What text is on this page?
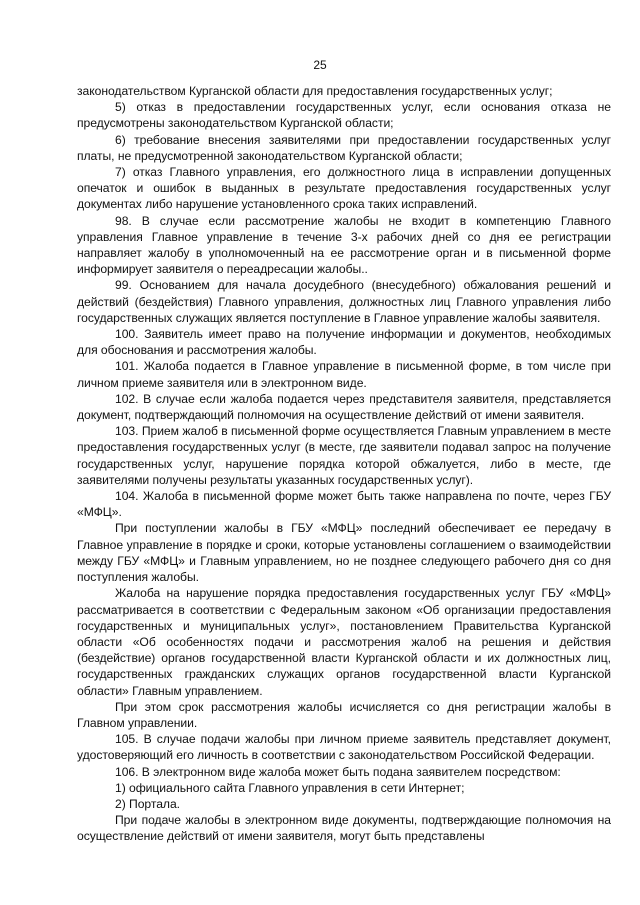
25

законодательством Курганской области для предоставления государственных услуг;

5) отказ в предоставлении государственных услуг, если основания отказа не предусмотрены законодательством Курганской области;

6) требование внесения заявителями при предоставлении государственных услуг платы, не предусмотренной законодательством Курганской области;

7) отказ Главного управления, его должностного лица в исправлении допущенных опечаток и ошибок в выданных в результате предоставления государственных услуг документах либо нарушение установленного срока таких исправлений.

98. В случае если рассмотрение жалобы не входит в компетенцию Главного управления Главное управление в течение 3-х рабочих дней со дня ее регистрации направляет жалобу в уполномоченный на ее рассмотрение орган и в письменной форме информирует заявителя о переадресации жалобы..

99. Основанием для начала досудебного (внесудебного) обжалования решений и действий (бездействия) Главного управления, должностных лиц Главного управления либо государственных служащих является поступление в Главное управление жалобы заявителя.

100. Заявитель имеет право на получение информации и документов, необходимых для обоснования и рассмотрения жалобы.

101. Жалоба подается в Главное управление в письменной форме, в том числе при личном приеме заявителя или в электронном виде.

102. В случае если жалоба подается через представителя заявителя, представляется документ, подтверждающий полномочия на осуществление действий от имени заявителя.

103. Прием жалоб в письменной форме осуществляется Главным управлением в месте предоставления государственных услуг (в месте, где заявители подавал запрос на получение государственных услуг, нарушение порядка которой обжалуется, либо в месте, где заявителями получены результаты указанных государственных услуг).

104. Жалоба в письменной форме может быть также направлена по почте, через ГБУ «МФЦ».

При поступлении жалобы в ГБУ «МФЦ» последний обеспечивает ее передачу в Главное управление в порядке и сроки, которые установлены соглашением о взаимодействии между ГБУ «МФЦ» и Главным управлением, но не позднее следующего рабочего дня со дня поступления жалобы.

Жалоба на нарушение порядка предоставления государственных услуг ГБУ «МФЦ» рассматривается в соответствии с Федеральным законом «Об организации предоставления государственных и муниципальных услуг», постановлением Правительства Курганской области «Об особенностях подачи и рассмотрения жалоб на решения и действия (бездействие) органов государственной власти Курганской области и их должностных лиц, государственных гражданских служащих органов государственной власти Курганской области» Главным управлением.

При этом срок рассмотрения жалобы исчисляется со дня регистрации жалобы в Главном управлении.

105. В случае подачи жалобы при личном приеме заявитель представляет документ, удостоверяющий его личность в соответствии с законодательством Российской Федерации.

106. В электронном виде жалоба может быть подана заявителем посредством:

1) официального сайта Главного управления в сети Интернет;

2) Портала.

При подаче жалобы в электронном виде документы, подтверждающие полномочия на осуществление действий от имени заявителя, могут быть представлены
